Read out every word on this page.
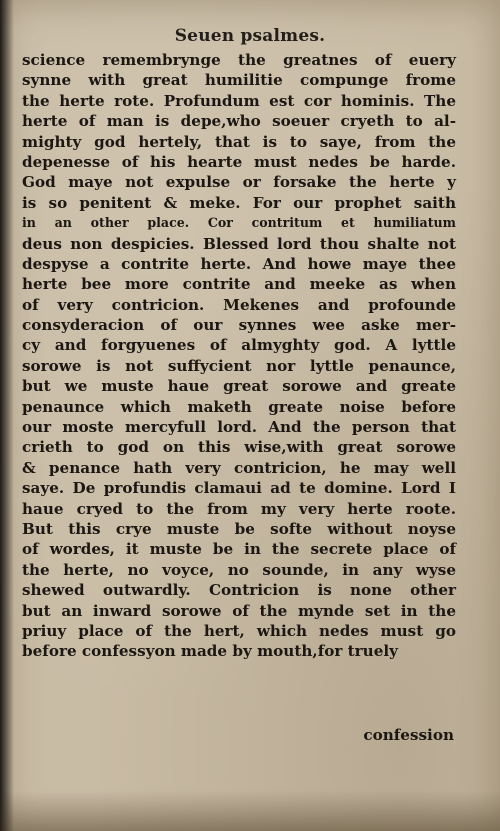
Seuen psalmes.
science remembrynge the greatnes of euery
synne with great humilitie compunge frome
the herte rote. Profundum est cor hominis. The
herte of man is depe,who soeuer cryeth to al-
mighty god hertely, that is to saye, from the
depenesse of his hearte must nedes be harde.
God maye not expulse or forsake the herte y
is so penitent & meke. For our prophet saith
in an other place. Cor contritum et humiliatum
deus non despicies. Blessed lord thou shalte not
despyse a contrite herte. And howe maye thee
herte bee more contrite and meeke as when
of very contricion. Mekenes and profounde
consyderacion of our synnes wee aske mer-
cy and forgyuenes of almyghty god. A lyttle
sorowe is not suffycient nor lyttle penaunce,
but we muste haue great sorowe and greate
penaunce which maketh greate noise before
our moste mercyfull lord. And the person that
crieth to god on this wise,with great sorowe
& penance hath very contricion, he may well
saye. De profundis clamaui ad te domine. Lord I
haue cryed to the from my very herte roote.
But this crye muste be softe without noyse
of wordes, it muste be in the secrete place of
the herte, no voyce, no sounde, in any wyse
shewed outwardly. Contricion is none other
but an inward sorowe of the mynde set in the
priuy place of the hert, which nedes must go
before confessyon made by mouth,for truely
confession
